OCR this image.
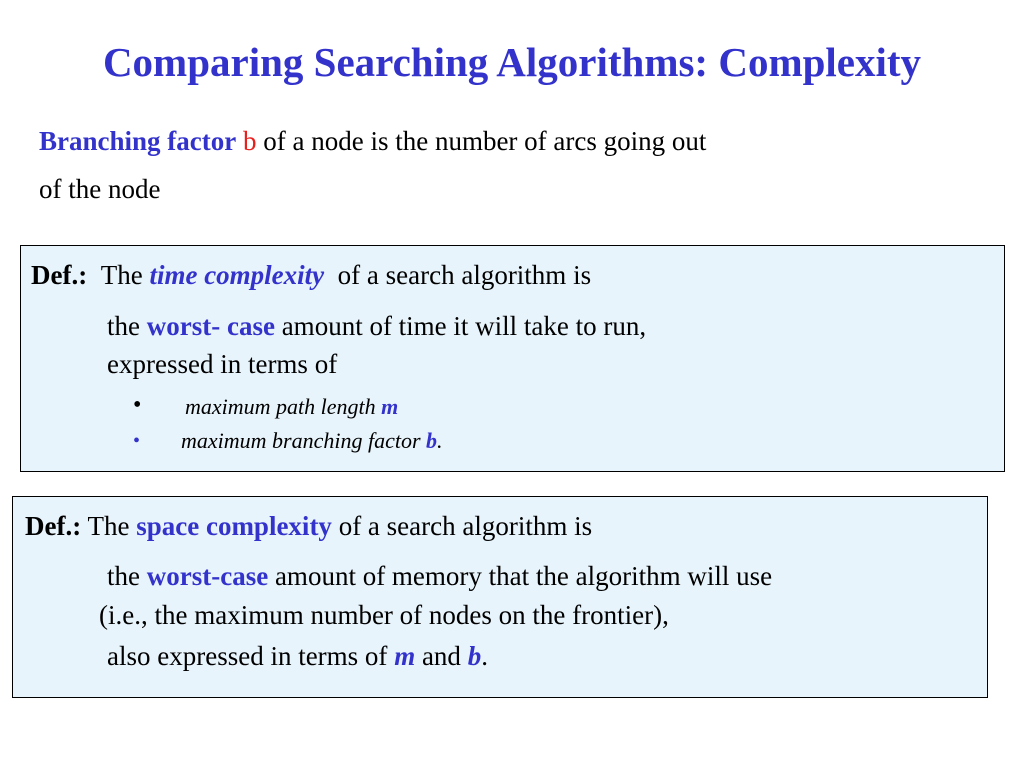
Comparing Searching Algorithms: Complexity
Branching factor b of a node is the number of arcs going out
of the node
Def.: The time complexity of a search algorithm is
the worst- case amount of time it will take to run,
expressed in terms of
• maximum path length m
• maximum branching factor b.
Def.: The space complexity of a search algorithm is
the worst-case amount of memory that the algorithm will use
(i.e., the maximum number of nodes on the frontier),
also expressed in terms of m and b.
